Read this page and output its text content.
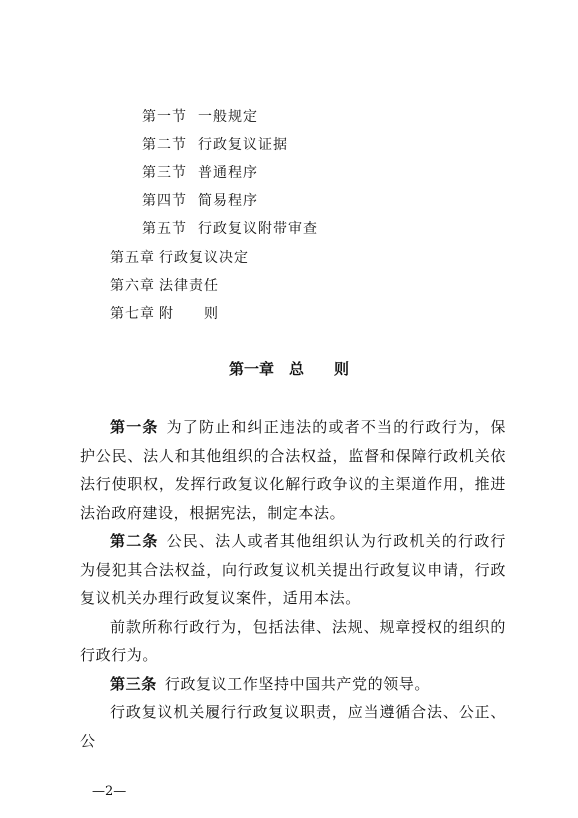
第一节 一般规定
第二节 行政复议证据
第三节 普通程序
第四节 简易程序
第五节 行政复议附带审查
第五章 行政复议决定
第六章 法律责任
第七章 附　　则
第一章　总　　则

第一条 为了防止和纠正违法的或者不当的行政行为，保护公民、法人和其他组织的合法权益，监督和保障行政机关依法行使职权，发挥行政复议化解行政争议的主渠道作用，推进法治政府建设，根据宪法，制定本法。

第二条 公民、法人或者其他组织认为行政机关的行政行为侵犯其合法权益，向行政复议机关提出行政复议申请，行政复议机关办理行政复议案件，适用本法。

前款所称行政行为，包括法律、法规、规章授权的组织的行政行为。

第三条 行政复议工作坚持中国共产党的领导。

行政复议机关履行行政复议职责，应当遵循合法、公正、公

—2—
